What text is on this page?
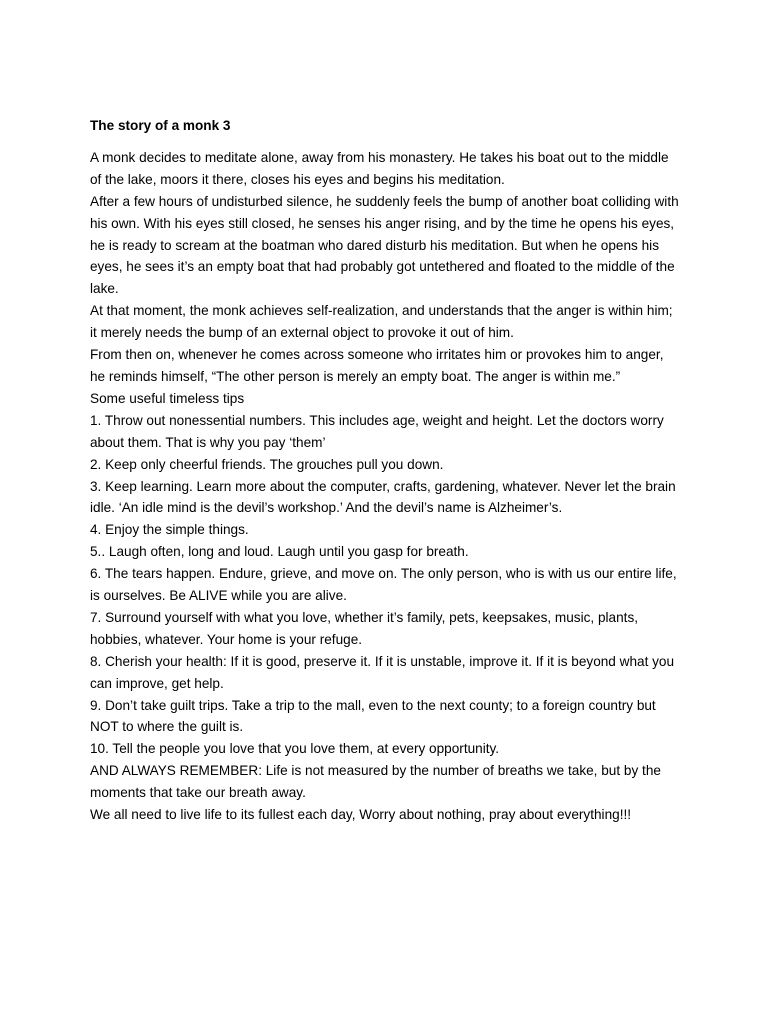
The story of a monk 3

A monk decides to meditate alone, away from his monastery. He takes his boat out to the middle of the lake, moors it there, closes his eyes and begins his meditation.

After a few hours of undisturbed silence, he suddenly feels the bump of another boat colliding with his own. With his eyes still closed, he senses his anger rising, and by the time he opens his eyes, he is ready to scream at the boatman who dared disturb his meditation. But when he opens his eyes, he sees it’s an empty boat that had probably got untethered and floated to the middle of the lake.

At that moment, the monk achieves self-realization, and understands that the anger is within him; it merely needs the bump of an external object to provoke it out of him.

From then on, whenever he comes across someone who irritates him or provokes him to anger, he reminds himself, “The other person is merely an empty boat. The anger is within me.”

Some useful timeless tips

1. Throw out nonessential numbers. This includes age, weight and height. Let the doctors worry about them. That is why you pay ‘them’

2. Keep only cheerful friends. The grouches pull you down.

3. Keep learning. Learn more about the computer, crafts, gardening, whatever. Never let the brain idle. ‘An idle mind is the devil’s workshop.’ And the devil’s name is Alzheimer’s.

4. Enjoy the simple things.

5.. Laugh often, long and loud. Laugh until you gasp for breath.

6. The tears happen. Endure, grieve, and move on. The only person, who is with us our entire life, is ourselves. Be ALIVE while you are alive.

7. Surround yourself with what you love, whether it’s family, pets, keepsakes, music, plants, hobbies, whatever. Your home is your refuge.

8. Cherish your health: If it is good, preserve it. If it is unstable, improve it. If it is beyond what you can improve, get help.

9. Don’t take guilt trips. Take a trip to the mall, even to the next county; to a foreign country but NOT to where the guilt is.

10. Tell the people you love that you love them, at every opportunity.

AND ALWAYS REMEMBER: Life is not measured by the number of breaths we take, but by the moments that take our breath away.

We all need to live life to its fullest each day, Worry about nothing, pray about everything!!!
